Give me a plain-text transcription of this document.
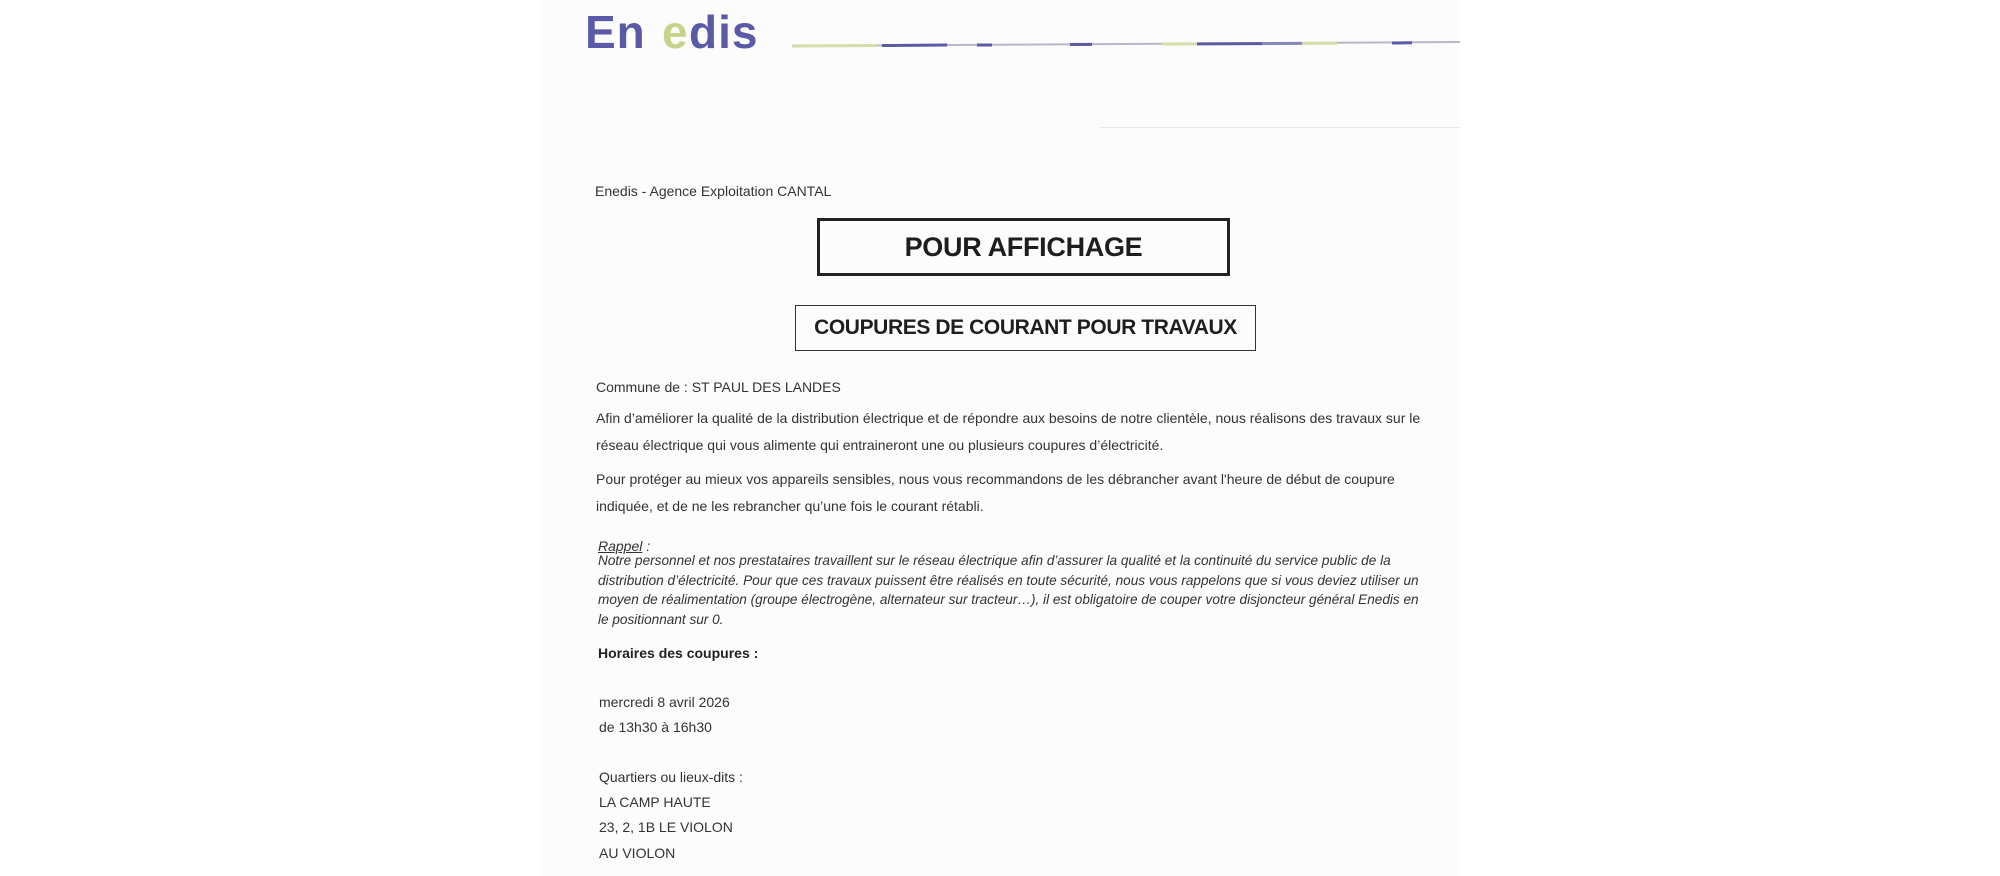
En e dis
Enedis - Agence Exploitation CANTAL
POUR AFFICHAGE
COUPURES DE COURANT POUR TRAVAUX
Commune de : ST PAUL DES LANDES
Afin d’améliorer la qualité de la distribution électrique et de répondre aux besoins de notre clientèle, nous réalisons des travaux sur le réseau électrique qui vous alimente qui entraineront une ou plusieurs coupures d’électricité.
Pour protéger au mieux vos appareils sensibles, nous vous recommandons de les débrancher avant l'heure de début de coupure indiquée, et de ne les rebrancher qu’une fois le courant rétabli.
Rappel :
Notre personnel et nos prestataires travaillent sur le réseau électrique afin d’assurer la qualité et la continuité du service public de la distribution d’électricité. Pour que ces travaux puissent être réalisés en toute sécurité, nous vous rappelons que si vous deviez utiliser un moyen de réalimentation (groupe électrogène, alternateur sur tracteur…), il est obligatoire de couper votre disjoncteur général Enedis en le positionnant sur 0.
Horaires des coupures :
mercredi 8 avril 2026
de 13h30 à 16h30
Quartiers ou lieux-dits :
LA CAMP HAUTE
23, 2, 1B LE VIOLON
AU VIOLON
